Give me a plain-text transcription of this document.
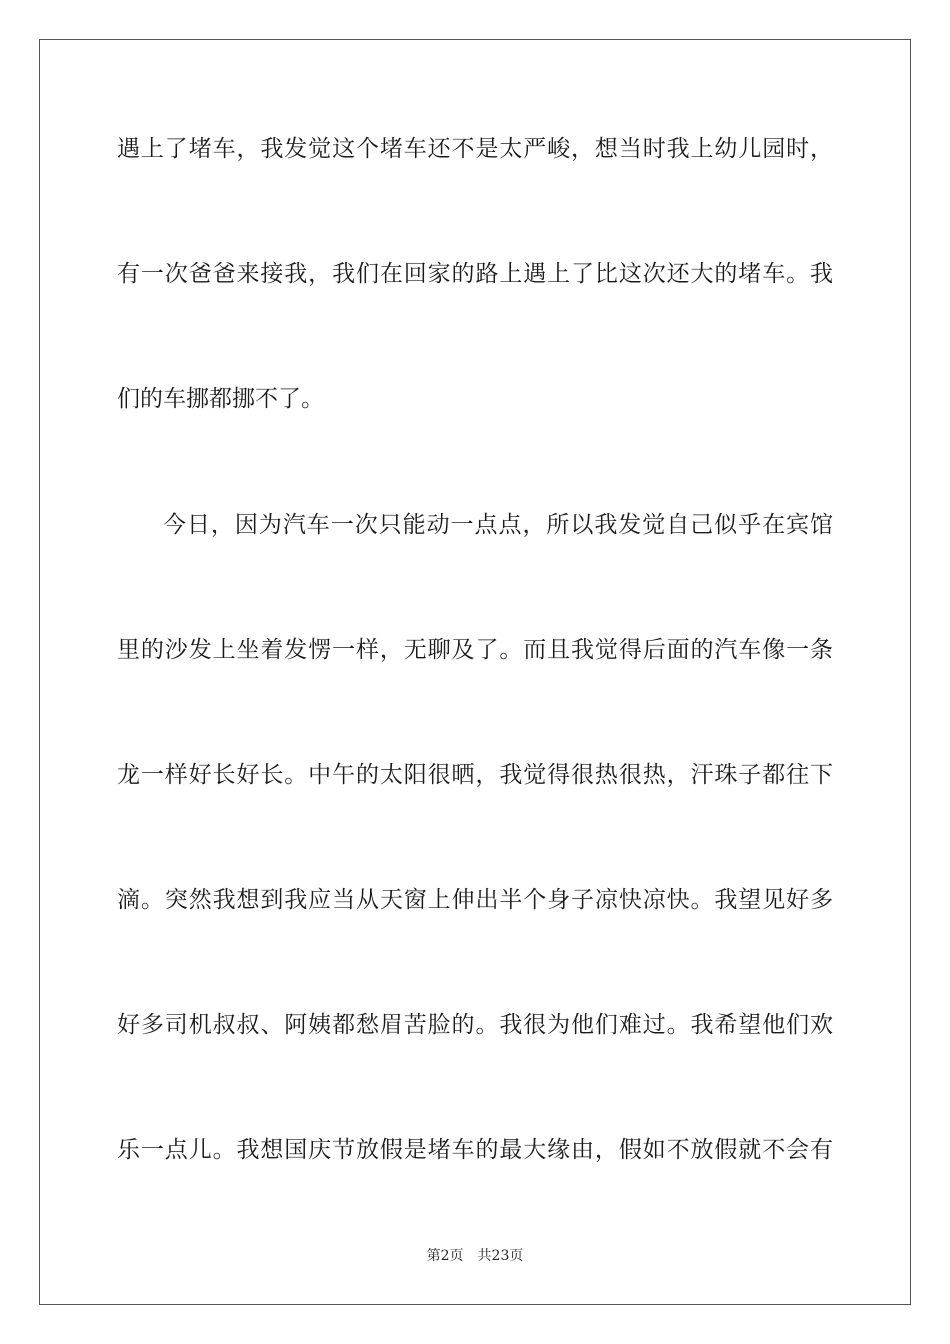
遇上了堵车，我发觉这个堵车还不是太严峻，想当时我上幼儿园时，
有一次爸爸来接我，我们在回家的路上遇上了比这次还大的堵车。我
们的车挪都挪不了。
今日，因为汽车一次只能动一点点，所以我发觉自己似乎在宾馆
里的沙发上坐着发愣一样，无聊及了。而且我觉得后面的汽车像一条
龙一样好长好长。中午的太阳很晒，我觉得很热很热，汗珠子都往下
滴。突然我想到我应当从天窗上伸出半个身子凉快凉快。我望见好多
好多司机叔叔、阿姨都愁眉苦脸的。我很为他们难过。我希望他们欢
乐一点儿。我想国庆节放假是堵车的最大缘由，假如不放假就不会有
第2页 共23页
